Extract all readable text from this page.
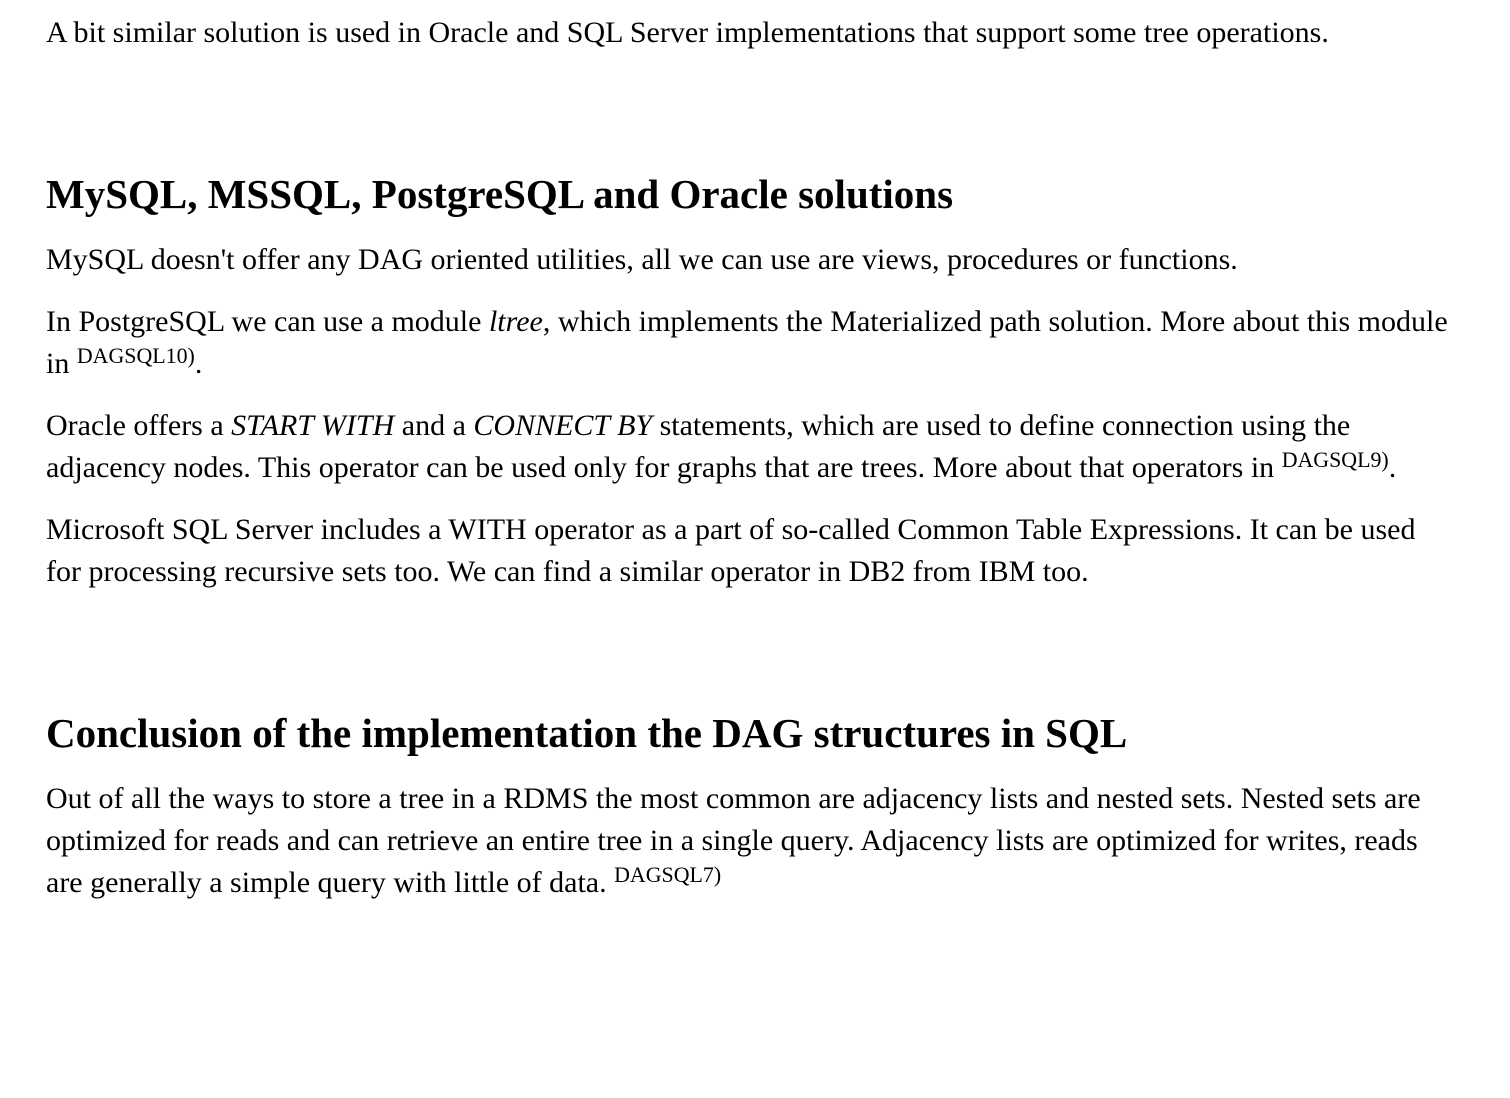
A bit similar solution is used in Oracle and SQL Server implementations that support some tree operations.

MySQL, MSSQL, PostgreSQL and Oracle solutions

MySQL doesn't offer any DAG oriented utilities, all we can use are views, procedures or functions.

In PostgreSQL we can use a module ltree, which implements the Materialized path solution. More about this module in $^{DAGSQL10)}$.

Oracle offers a START WITH and a CONNECT BY statements, which are used to define connection using the adjacency nodes. This operator can be used only for graphs that are trees. More about that operators in $^{DAGSQL9)}$.

Microsoft SQL Server includes a WITH operator as a part of so-called Common Table Expressions. It can be used for processing recursive sets too. We can find a similar operator in DB2 from IBM too.

Conclusion of the implementation the DAG structures in SQL

Out of all the ways to store a tree in a RDMS the most common are adjacency lists and nested sets. Nested sets are optimized for reads and can retrieve an entire tree in a single query. Adjacency lists are optimized for writes, reads are generally a simple query with little of data. $^{DAGSQL7)}$
